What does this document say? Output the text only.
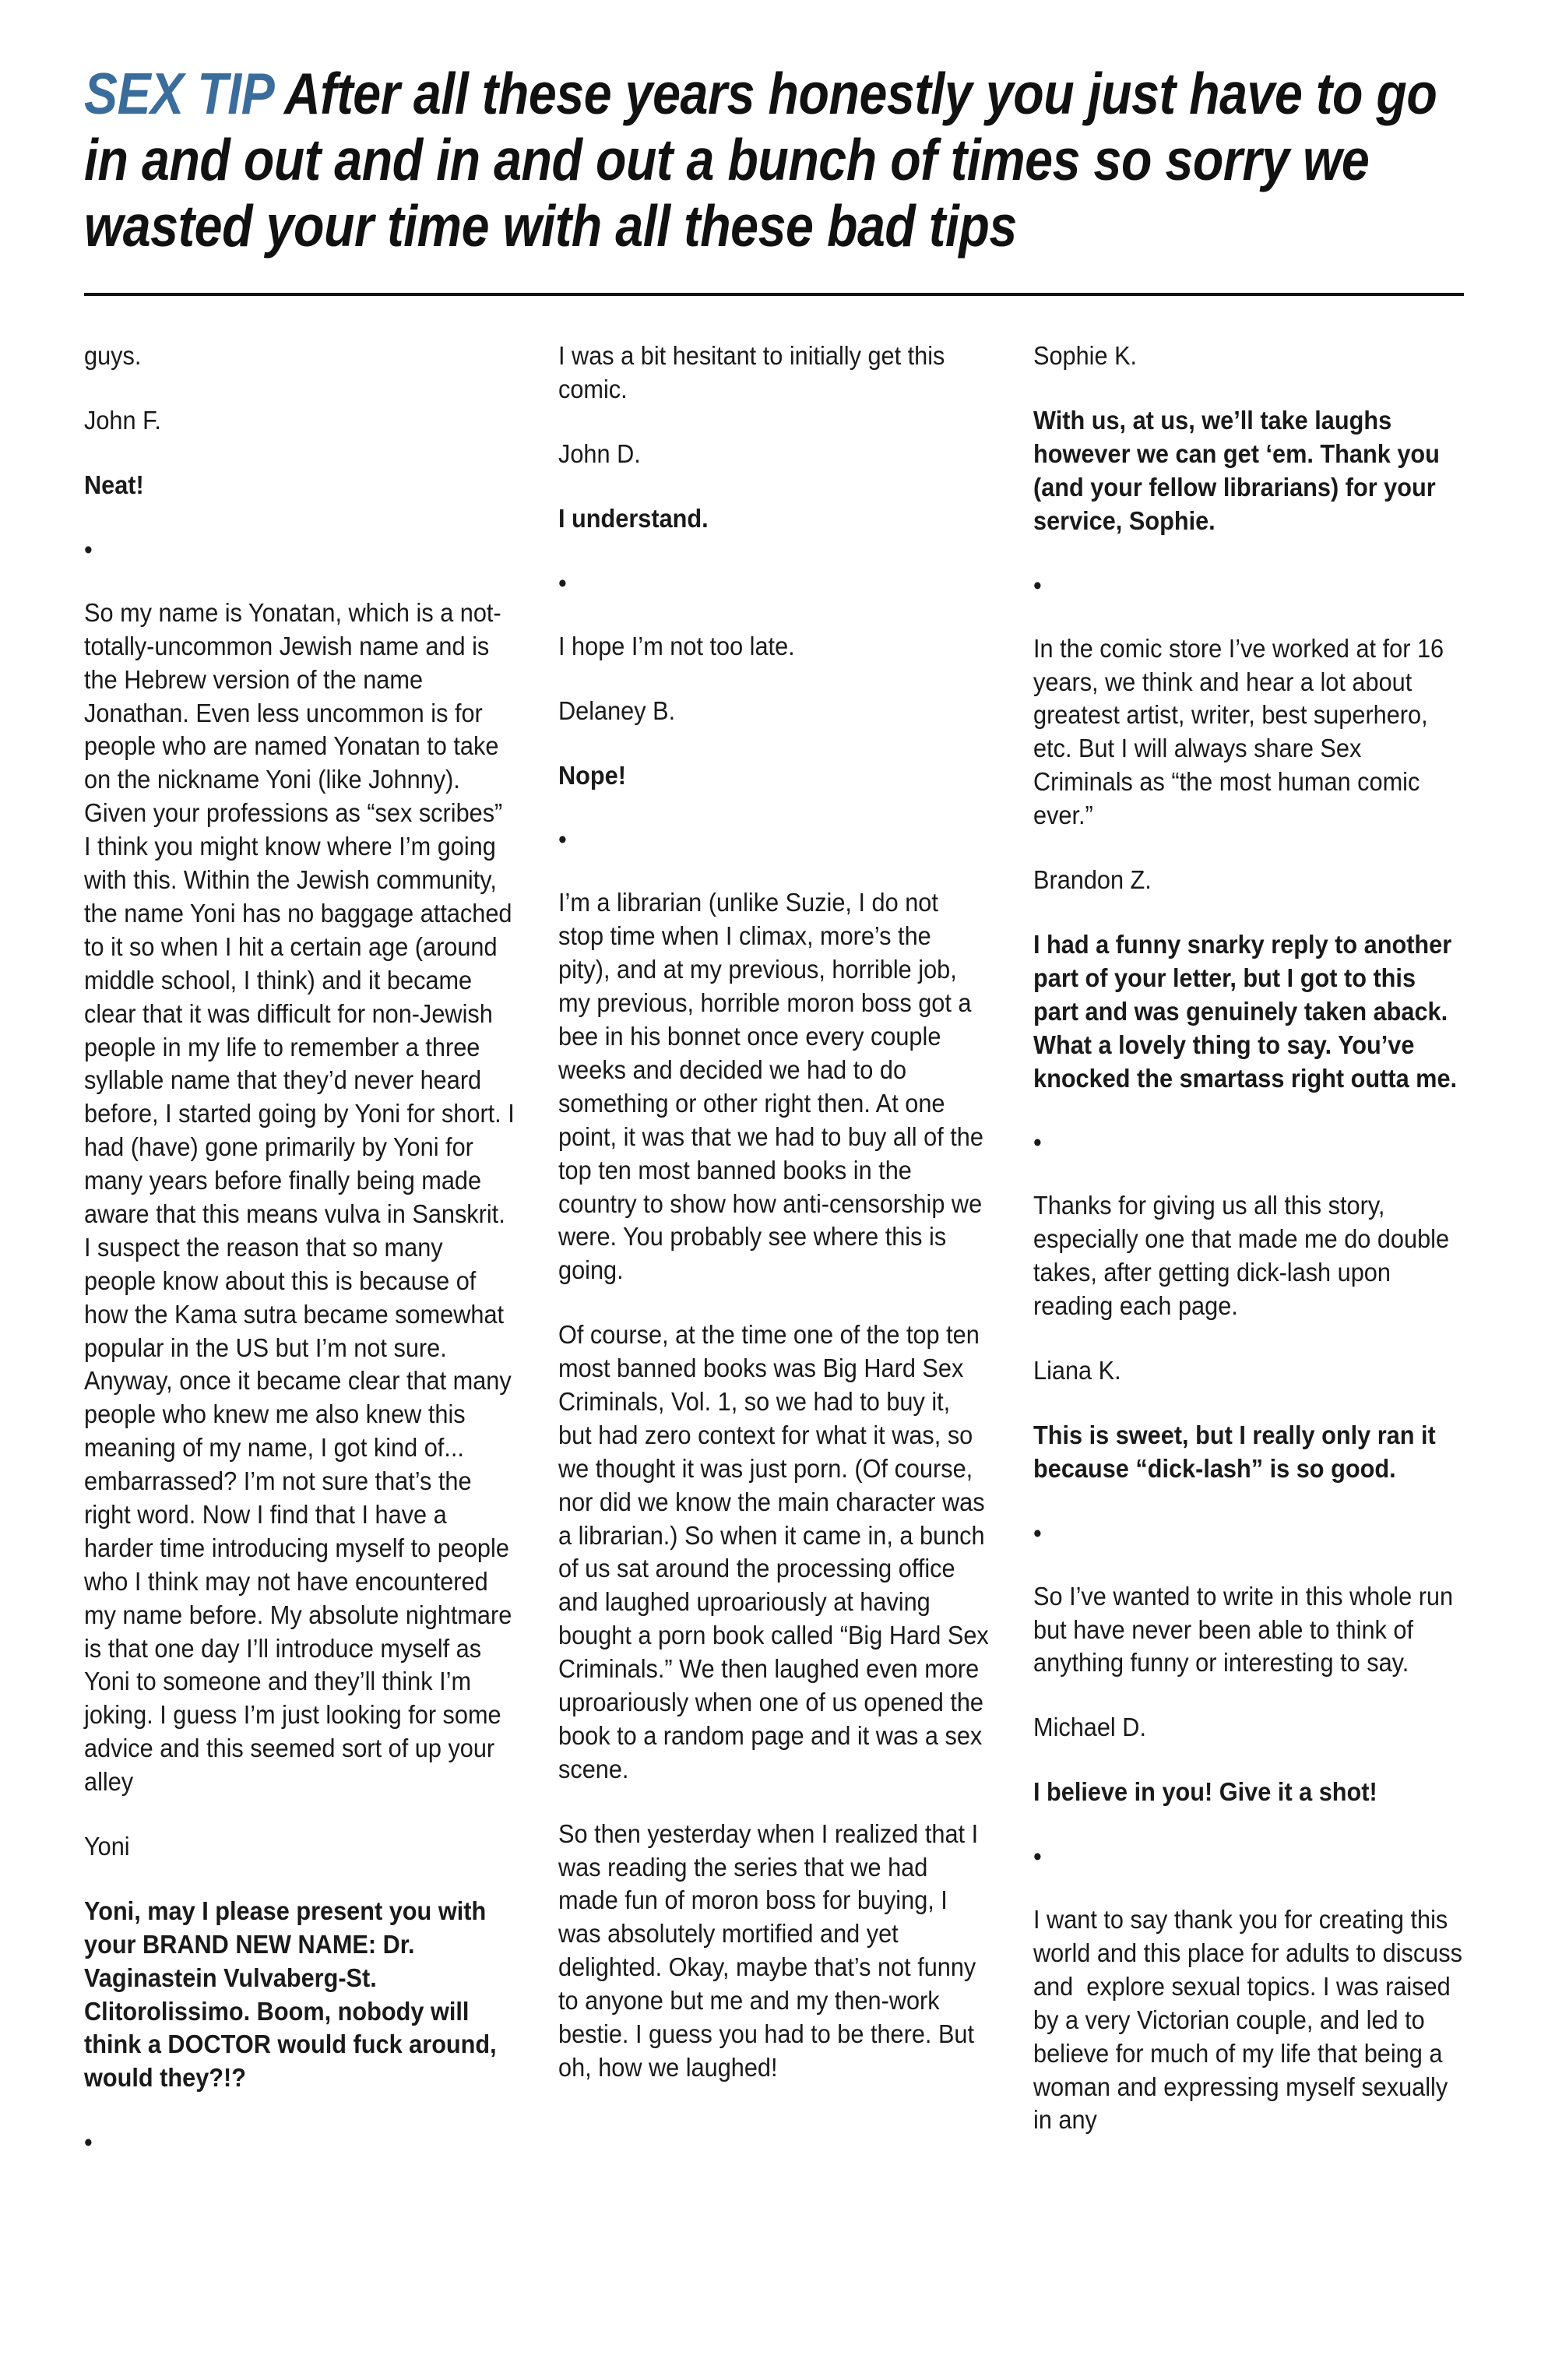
SEX TIP After all these years honestly you just have to go in and out and in and out a bunch of times so sorry we wasted your time with all these bad tips

guys.

John F.

Neat!

•

So my name is Yonatan, which is a not-totally-uncommon Jewish name and is the Hebrew version of the name Jonathan. Even less uncommon is for people who are named Yonatan to take on the nickname Yoni (like Johnny). Given your professions as “sex scribes” I think you might know where I’m going with this. Within the Jewish community, the name Yoni has no baggage attached to it so when I hit a certain age (around middle school, I think) and it became clear that it was difficult for non-Jewish people in my life to remember a three syllable name that they’d never heard before, I started going by Yoni for short. I had (have) gone primarily by Yoni for many years before finally being made aware that this means vulva in Sanskrit. I suspect the reason that so many people know about this is because of how the Kama sutra became somewhat popular in the US but I’m not sure. Anyway, once it became clear that many people who knew me also knew this meaning of my name, I got kind of... embarrassed? I’m not sure that’s the right word. Now I find that I have a harder time introducing myself to people who I think may not have encountered my name before. My absolute nightmare is that one day I’ll introduce myself as Yoni to someone and they’ll think I’m joking. I guess I’m just looking for some advice and this seemed sort of up your alley

Yoni

Yoni, may I please present you with your BRAND NEW NAME: Dr. Vaginastein Vulvaberg-St. Clitorolissimo. Boom, nobody will think a DOCTOR would fuck around, would they?!?

•

I was a bit hesitant to initially get this comic.

John D.

I understand.

•

I hope I’m not too late.

Delaney B.

Nope!

•

I’m a librarian (unlike Suzie, I do not stop time when I climax, more’s the pity), and at my previous, horrible job, my previous, horrible moron boss got a bee in his bonnet once every couple weeks and decided we had to do something or other right then. At one point, it was that we had to buy all of the top ten most banned books in the country to show how anti-censorship we were. You probably see where this is going.

Of course, at the time one of the top ten most banned books was Big Hard Sex Criminals, Vol. 1, so we had to buy it, but had zero context for what it was, so we thought it was just porn. (Of course, nor did we know the main character was a librarian.) So when it came in, a bunch of us sat around the processing office and laughed uproariously at having bought a porn book called “Big Hard Sex Criminals.” We then laughed even more uproariously when one of us opened the book to a random page and it was a sex scene.

So then yesterday when I realized that I was reading the series that we had made fun of moron boss for buying, I was absolutely mortified and yet delighted. Okay, maybe that’s not funny to anyone but me and my then-work bestie. I guess you had to be there. But oh, how we laughed!

Sophie K.

With us, at us, we’ll take laughs however we can get ‘em. Thank you (and your fellow librarians) for your service, Sophie.

•

In the comic store I’ve worked at for 16 years, we think and hear a lot about greatest artist, writer, best superhero, etc. But I will always share Sex Criminals as “the most human comic ever.”

Brandon Z.

I had a funny snarky reply to another part of your letter, but I got to this part and was genuinely taken aback. What a lovely thing to say. You’ve knocked the smartass right outta me.

•

Thanks for giving us all this story, especially one that made me do double takes, after getting dick-lash upon reading each page.

Liana K.

This is sweet, but I really only ran it because “dick-lash” is so good.

•

So I’ve wanted to write in this whole run but have never been able to think of anything funny or interesting to say.

Michael D.

I believe in you! Give it a shot!

•

I want to say thank you for creating this world and this place for adults to discuss and  explore sexual topics. I was raised by a very Victorian couple, and led to believe for much of my life that being a woman and expressing myself sexually in any
